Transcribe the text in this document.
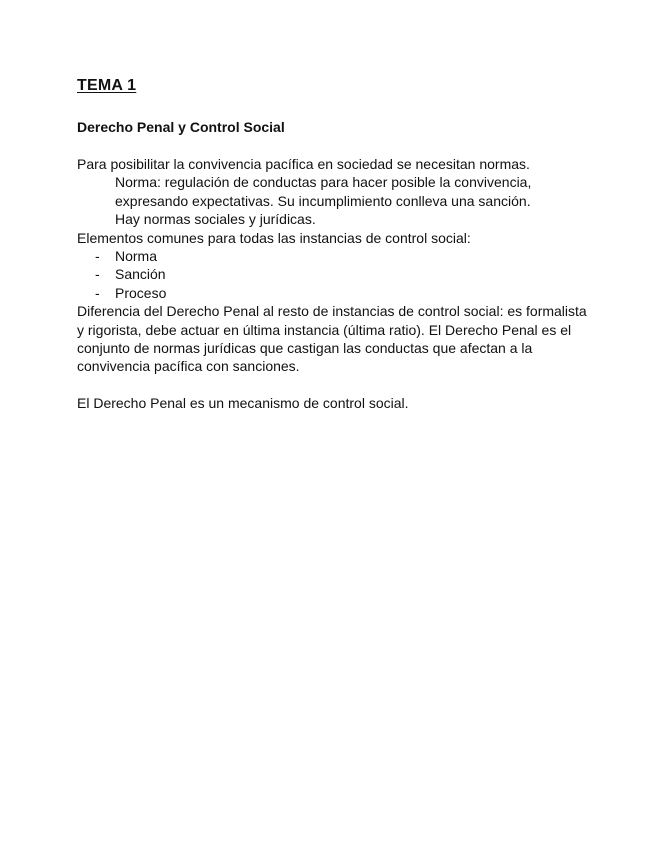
TEMA 1
Derecho Penal y Control Social

Para posibilitar la convivencia pacífica en sociedad se necesitan normas.

Norma: regulación de conductas para hacer posible la convivencia, expresando expectativas. Su incumplimiento conlleva una sanción. Hay normas sociales y jurídicas.

Elementos comunes para todas las instancias de control social:

- Norma
- Sanción
- Proceso

Diferencia del Derecho Penal al resto de instancias de control social: es formalista y rigorista, debe actuar en última instancia (última ratio). El Derecho Penal es el conjunto de normas jurídicas que castigan las conductas que afectan a la convivencia pacífica con sanciones.

El Derecho Penal es un mecanismo de control social.
